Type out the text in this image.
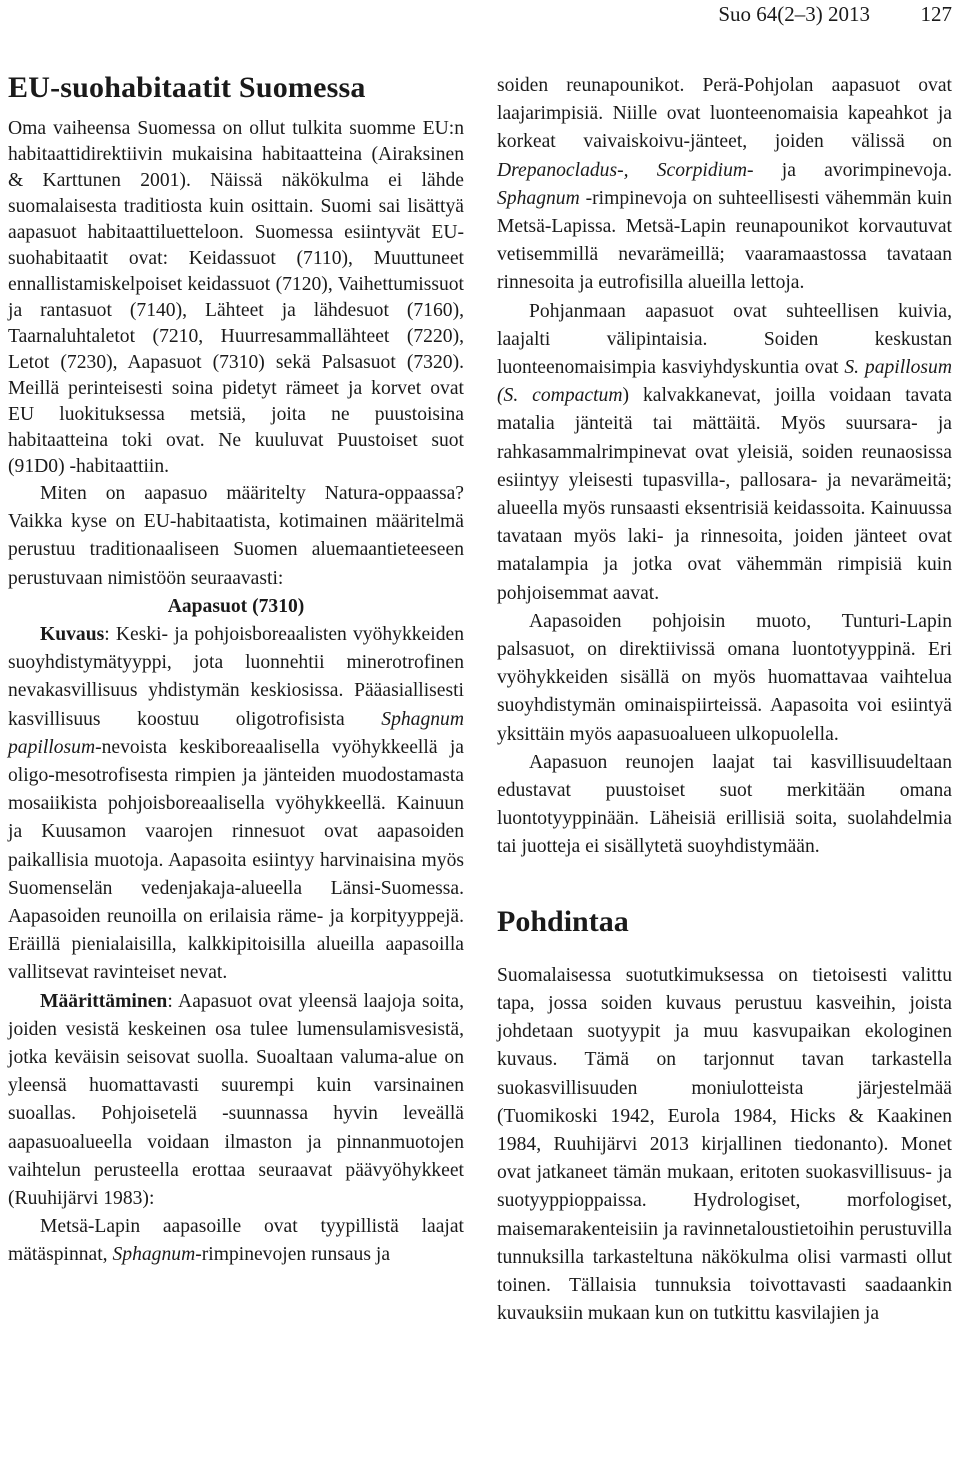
Suo 64(2–3) 2013 127
EU-suohabitaatit Suomessa

Oma vaiheensa Suomessa on ollut tulkita suomme EU:n habitaattidirektiivin mukaisina habitaatteina (Airaksinen & Karttunen 2001). Näissä näkökulma ei lähde suomalaisesta traditiosta kuin osittain. Suomi sai lisättyä aapasuot habitaattiluetteloon. Suomessa esiintyvät EU-suohabitaatit ovat: Keidassuot (7110), Muuttuneet ennallistamiskelpoiset keidassuot (7120), Vaihettumissuot ja rantasuot (7140), Lähteet ja lähdesuot (7160), Taarnaluhtaletot (7210, Huurresammallähteet (7220), Letot (7230), Aapasuot (7310) sekä Palsasuot (7320). Meillä perinteisesti soina pidetyt rämeet ja korvet ovat EU luokituksessa metsiä, joita ne puustoisina habitaatteina toki ovat. Ne kuuluvat Puustoiset suot (91D0) -habitaattiin.

Miten on aapasuo määritelty Natura-oppaassa? Vaikka kyse on EU-habitaatista, kotimainen määritelmä perustuu traditionaaliseen Suomen aluemaantieteeseen perustuvaan nimistöön seuraavasti:

Aapasuot (7310)

Kuvaus: Keski- ja pohjoisboreaalisten vyöhykkeiden suoyhdistymätyyppi, jota luonnehtii minerotrofinen nevakasvillisuus yhdistymän keskiosissa. Pääasiallisesti kasvillisuus koostuu oligotrofisista Sphagnum papillosum-nevoista keskiboreaalisella vyöhykkeellä ja oligo-mesotrofisesta rimpien ja jänteiden muodostamasta mosaiikista pohjoisboreaalisella vyöhykkeellä. Kainuun ja Kuusamon vaarojen rinnesuot ovat aapasoiden paikallisia muotoja. Aapasoita esiintyy harvinaisina myös Suomenselän vedenjakaja-alueella Länsi-Suomessa. Aapasoiden reunoilla on erilaisia räme- ja korpityyppejä. Eräillä pienialaisilla, kalkkipitoisilla alueilla aapasoilla vallitsevat ravinteiset nevat.

Määrittäminen: Aapasuot ovat yleensä laajoja soita, joiden vesistä keskeinen osa tulee lumensulamisvesistä, jotka keväisin seisovat suolla. Suoaltaan valuma-alue on yleensä huomattavasti suurempi kuin varsinainen suoallas. Pohjoisetelä -suunnassa hyvin leveällä aapasuoalueella voidaan ilmaston ja pinnanmuotojen vaihtelun perusteella erottaa seuraavat päävyöhykkeet (Ruuhijärvi 1983):

Metsä-Lapin aapasoille ovat tyypillistä laajat mätäspinnat, Sphagnum-rimpinevojen runsaus ja

soiden reunapounikot. Perä-Pohjolan aapasuot ovat laajarimpisiä. Niille ovat luonteenomaisia kapeahkot ja korkeat vaivaiskoivu-jänteet, joiden välissä on Drepanocladus-, Scorpidium- ja avorimpinevoja. Sphagnum -rimpinevoja on suhteellisesti vähemmän kuin Metsä-Lapissa. Metsä-Lapin reunapounikot korvautuvat vetisemmillä nevarämeillä; vaaramaastossa tavataan rinnesoita ja eutrofisilla alueilla lettoja.

Pohjanmaan aapasuot ovat suhteellisen kuivia, laajalti välipintaisia. Soiden keskustan luonteenomaisimpia kasviyhdyskuntia ovat S. papillosum (S. compactum) kalvakkanevat, joilla voidaan tavata matalia jänteitä tai mättäitä. Myös suursara- ja rahkasammalrimpinevat ovat yleisiä, soiden reunaosissa esiintyy yleisesti tupasvilla-, pallosara- ja nevarämeitä; alueella myös runsaasti eksentrisiä keidassoita. Kainuussa tavataan myös laki- ja rinnesoita, joiden jänteet ovat matalampia ja jotka ovat vähemmän rimpisiä kuin pohjoisemmat aavat.

Aapasoiden pohjoisin muoto, Tunturi-Lapin palsasuot, on direktiivissä omana luontotyyppinä. Eri vyöhykkeiden sisällä on myös huomattavaa vaihtelua suoyhdistymän ominaispiirteissä. Aapasoita voi esiintyä yksittäin myös aapasuoalueen ulkopuolella.

Aapasuon reunojen laajat tai kasvillisuudeltaan edustavat puustoiset suot merkitään omana luontotyyppinään. Läheisiä erillisiä soita, suolahdelmia tai juotteja ei sisällytetä suoyhdistymään.

Pohdintaa

Suomalaisessa suotutkimuksessa on tietoisesti valittu tapa, jossa soiden kuvaus perustuu kasveihin, joista johdetaan suotyypit ja muu kasvupaikan ekologinen kuvaus. Tämä on tarjonnut tavan tarkastella suokasvillisuuden moniulotteista järjestelmää (Tuomikoski 1942, Eurola 1984, Hicks & Kaakinen 1984, Ruuhijärvi 2013 kirjallinen tiedonanto). Monet ovat jatkaneet tämän mukaan, eritoten suokasvillisuus- ja suotyyppioppaissa. Hydrologiset, morfologiset, maisemarakenteisiin ja ravinnetaloustietoihin perustuvilla tunnuksilla tarkasteltuna näkökulma olisi varmasti ollut toinen. Tällaisia tunnuksia toivottavasti saadaankin kuvauksiin mukaan kun on tutkittu kasvilajien ja
